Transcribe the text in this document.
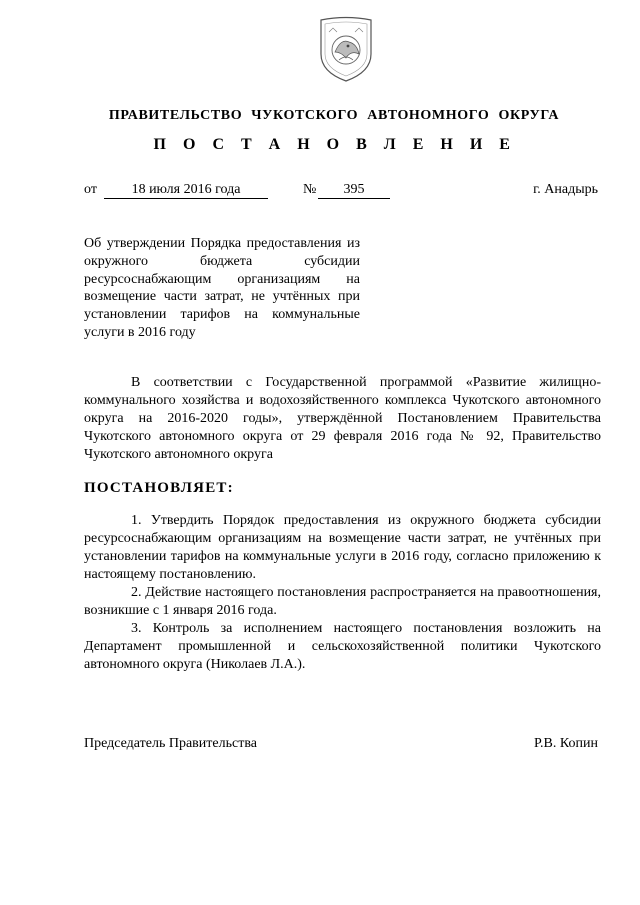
ПРАВИТЕЛЬСТВО ЧУКОТСКОГО АВТОНОМНОГО ОКРУГА
П О С Т А Н О В Л Е Н И Е
от	18 июля 2016 года	№	395	г. Анадырь
Об утверждении Порядка предоставления из окружного бюджета субсидии ресурсоснабжающим организациям на возмещение части затрат, не учтённых при установлении тарифов на коммунальные услуги в 2016 году
В соответствии с Государственной программой «Развитие жилищно-коммунального хозяйства и водохозяйственного комплекса Чукотского автономного округа на 2016-2020 годы», утверждённой Постановлением Правительства Чукотского автономного округа от 29 февраля 2016 года № 92, Правительство Чукотского автономного округа
ПОСТАНОВЛЯЕТ:

1. Утвердить Порядок предоставления из окружного бюджета субсидии ресурсоснабжающим организациям на возмещение части затрат, не учтённых при установлении тарифов на коммунальные услуги в 2016 году, согласно приложению к настоящему постановлению.

2. Действие настоящего постановления распространяется на правоотношения, возникшие с 1 января 2016 года.

3. Контроль за исполнением настоящего постановления возложить на Департамент промышленной и сельскохозяйственной политики Чукотского автономного округа (Николаев Л.А.).

Председатель Правительства	Р.В. Копин
